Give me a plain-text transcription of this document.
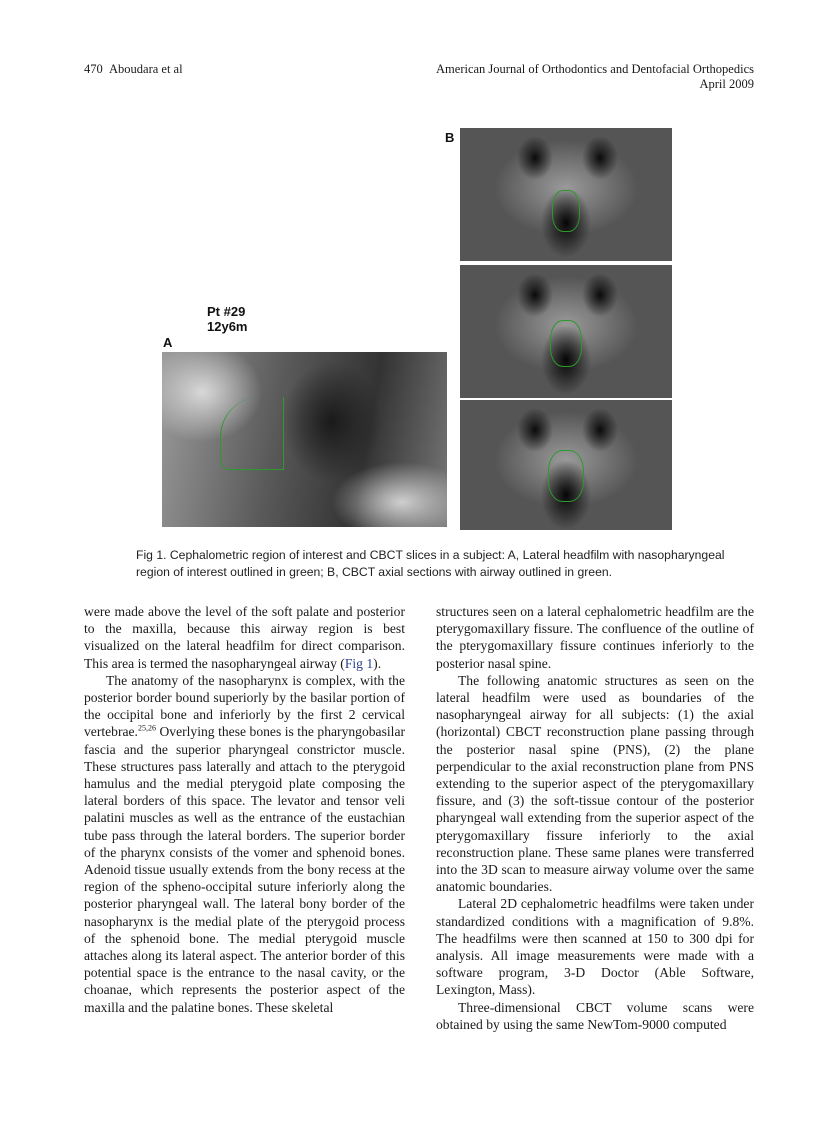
470 Aboudara et al	American Journal of Orthodontics and Dentofacial Orthopedics
April 2009
B
Pt #29
12y6m
A
Fig 1. Cephalometric region of interest and CBCT slices in a subject: A, Lateral headfilm with nasopharyngeal region of interest outlined in green; B, CBCT axial sections with airway outlined in green.

were made above the level of the soft palate and posterior to the maxilla, because this airway region is best visualized on the lateral headfilm for direct comparison. This area is termed the nasopharyngeal airway (Fig 1).

The anatomy of the nasopharynx is complex, with the posterior border bound superiorly by the basilar portion of the occipital bone and inferiorly by the first 2 cervical vertebrae.$^{25,26}$ Overlying these bones is the pharyngobasilar fascia and the superior pharyngeal constrictor muscle. These structures pass laterally and attach to the pterygoid hamulus and the medial pterygoid plate composing the lateral borders of this space. The levator and tensor veli palatini muscles as well as the entrance of the eustachian tube pass through the lateral borders. The superior border of the pharynx consists of the vomer and sphenoid bones. Adenoid tissue usually extends from the bony recess at the region of the spheno-occipital suture inferiorly along the posterior pharyngeal wall. The lateral bony border of the nasopharynx is the medial plate of the pterygoid process of the sphenoid bone. The medial pterygoid muscle attaches along its lateral aspect. The anterior border of this potential space is the entrance to the nasal cavity, or the choanae, which represents the posterior aspect of the maxilla and the palatine bones. These skeletal

structures seen on a lateral cephalometric headfilm are the pterygomaxillary fissure. The confluence of the outline of the pterygomaxillary fissure continues inferiorly to the posterior nasal spine.

The following anatomic structures as seen on the lateral headfilm were used as boundaries of the nasopharyngeal airway for all subjects: (1) the axial (horizontal) CBCT reconstruction plane passing through the posterior nasal spine (PNS), (2) the plane perpendicular to the axial reconstruction plane from PNS extending to the superior aspect of the pterygomaxillary fissure, and (3) the soft-tissue contour of the posterior pharyngeal wall extending from the superior aspect of the pterygomaxillary fissure inferiorly to the axial reconstruction plane. These same planes were transferred into the 3D scan to measure airway volume over the same anatomic boundaries.

Lateral 2D cephalometric headfilms were taken under standardized conditions with a magnification of 9.8%. The headfilms were then scanned at 150 to 300 dpi for analysis. All image measurements were made with a software program, 3-D Doctor (Able Software, Lexington, Mass).

Three-dimensional CBCT volume scans were obtained by using the same NewTom-9000 computed
